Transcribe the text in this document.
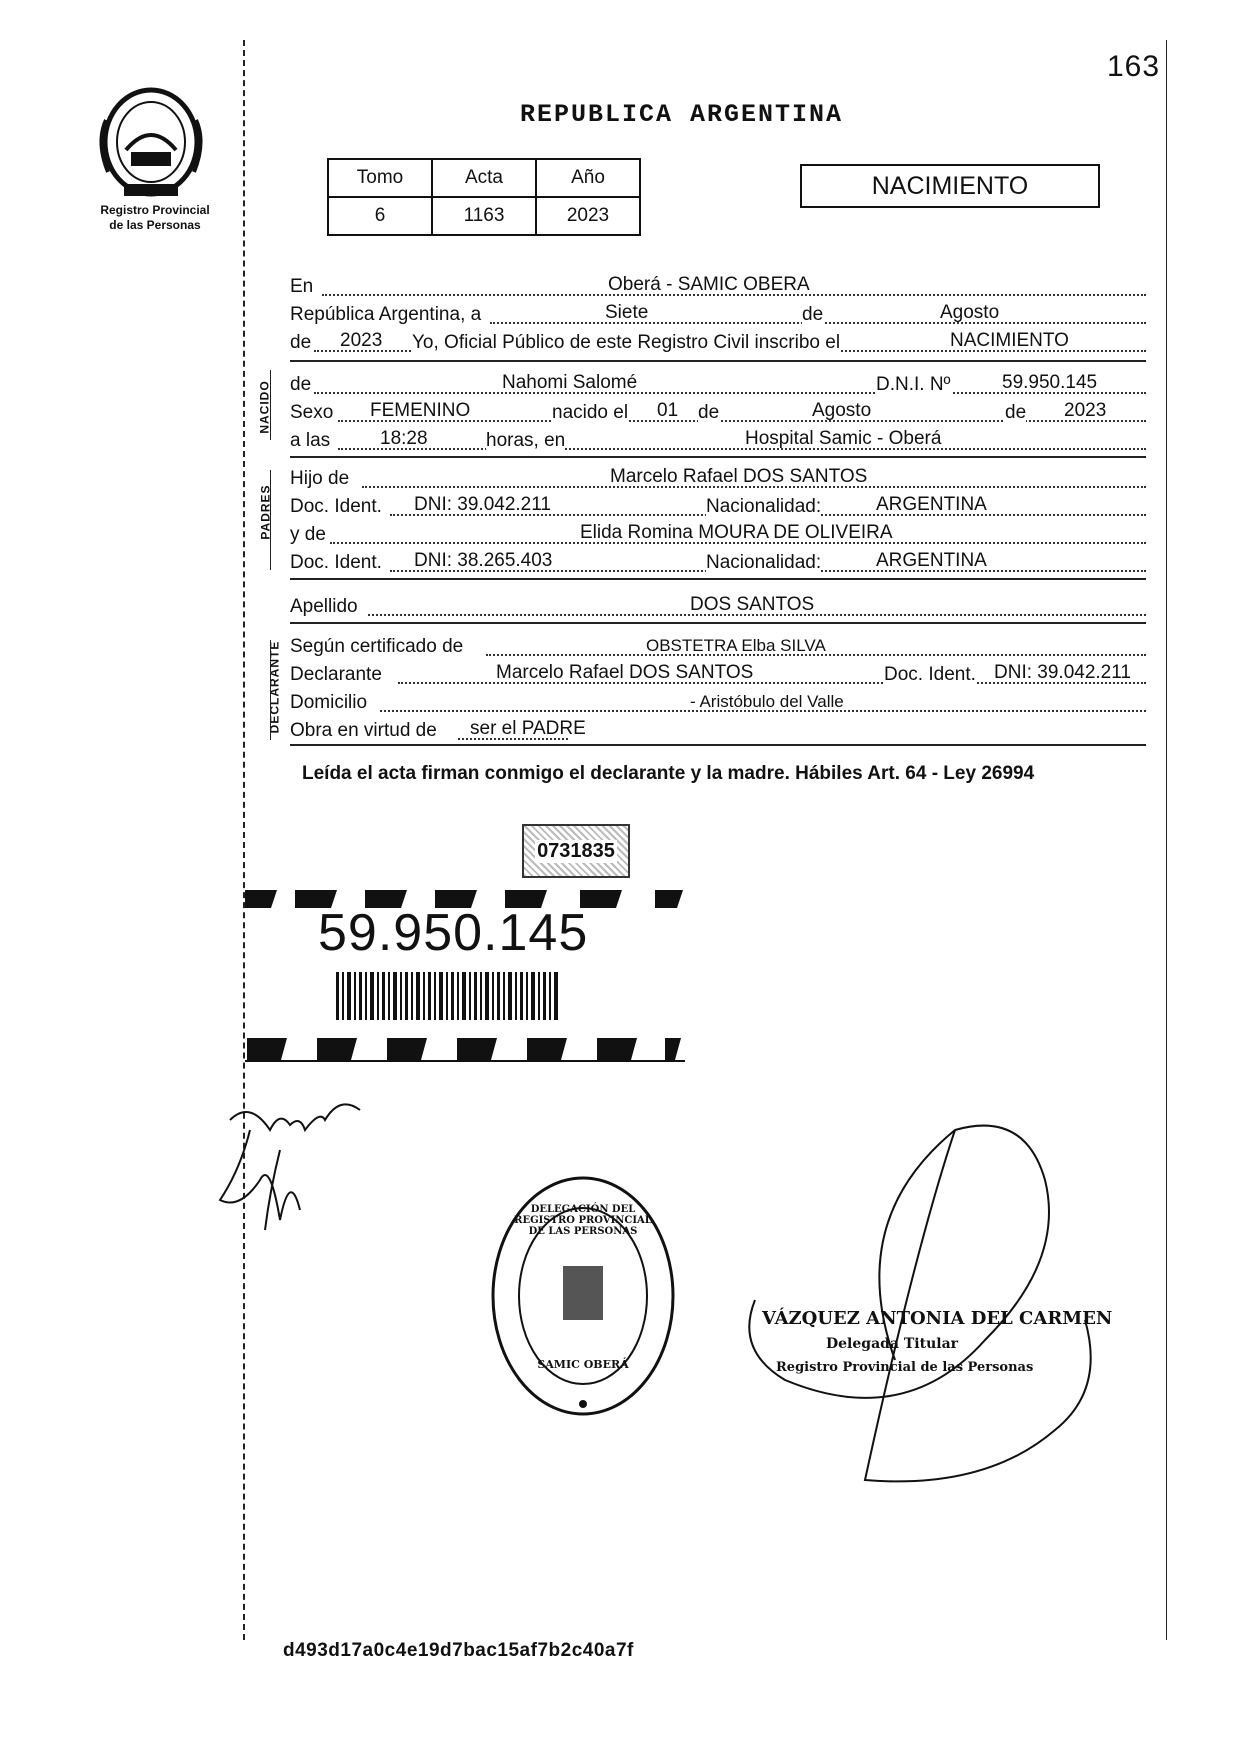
163
Registro Provincial
de las Personas
REPUBLICA ARGENTINA
Tomo	Acta	Año
6	1163	2023
NACIMIENTO
NACIDO
PADRES
DECLARANTE
En	Oberá - SAMIC OBERA
República Argentina, a	Siete	de	Agosto
de 2023 Yo, Oficial Público de este Registro Civil inscribo el	NACIMIENTO
de	Nahomi Salomé	D.N.I. Nº	59.950.145
Sexo FEMENINO	nacido el 01 de	Agosto	de 2023
a las	18:28	horas, en	Hospital Samic - Oberá
Hijo de	Marcelo Rafael DOS SANTOS
Doc. Ident. DNI: 39.042.211	Nacionalidad:	ARGENTINA
y de	Elida Romina MOURA DE OLIVEIRA
Doc. Ident. DNI: 38.265.403	Nacionalidad:	ARGENTINA
Apellido	DOS SANTOS
Según certificado de	OBSTETRA Elba SILVA
Declarante	Marcelo Rafael DOS SANTOS	Doc. Ident. DNI: 39.042.211
Domicilio	- Aristóbulo del Valle
Obra en virtud de ser el PADRE
Leída el acta firman conmigo el declarante y la madre. Hábiles Art. 64 - Ley 26994
0731835
59.950.145
DELEGACIÓN DEL REGISTRO PROVINCIAL DE LAS PERSONAS
SAMIC OBERÁ
VÁZQUEZ ANTONIA DEL CARMEN
Delegada Titular
Registro Provincial de las Personas
d493d17a0c4e19d7bac15af7b2c40a7f
